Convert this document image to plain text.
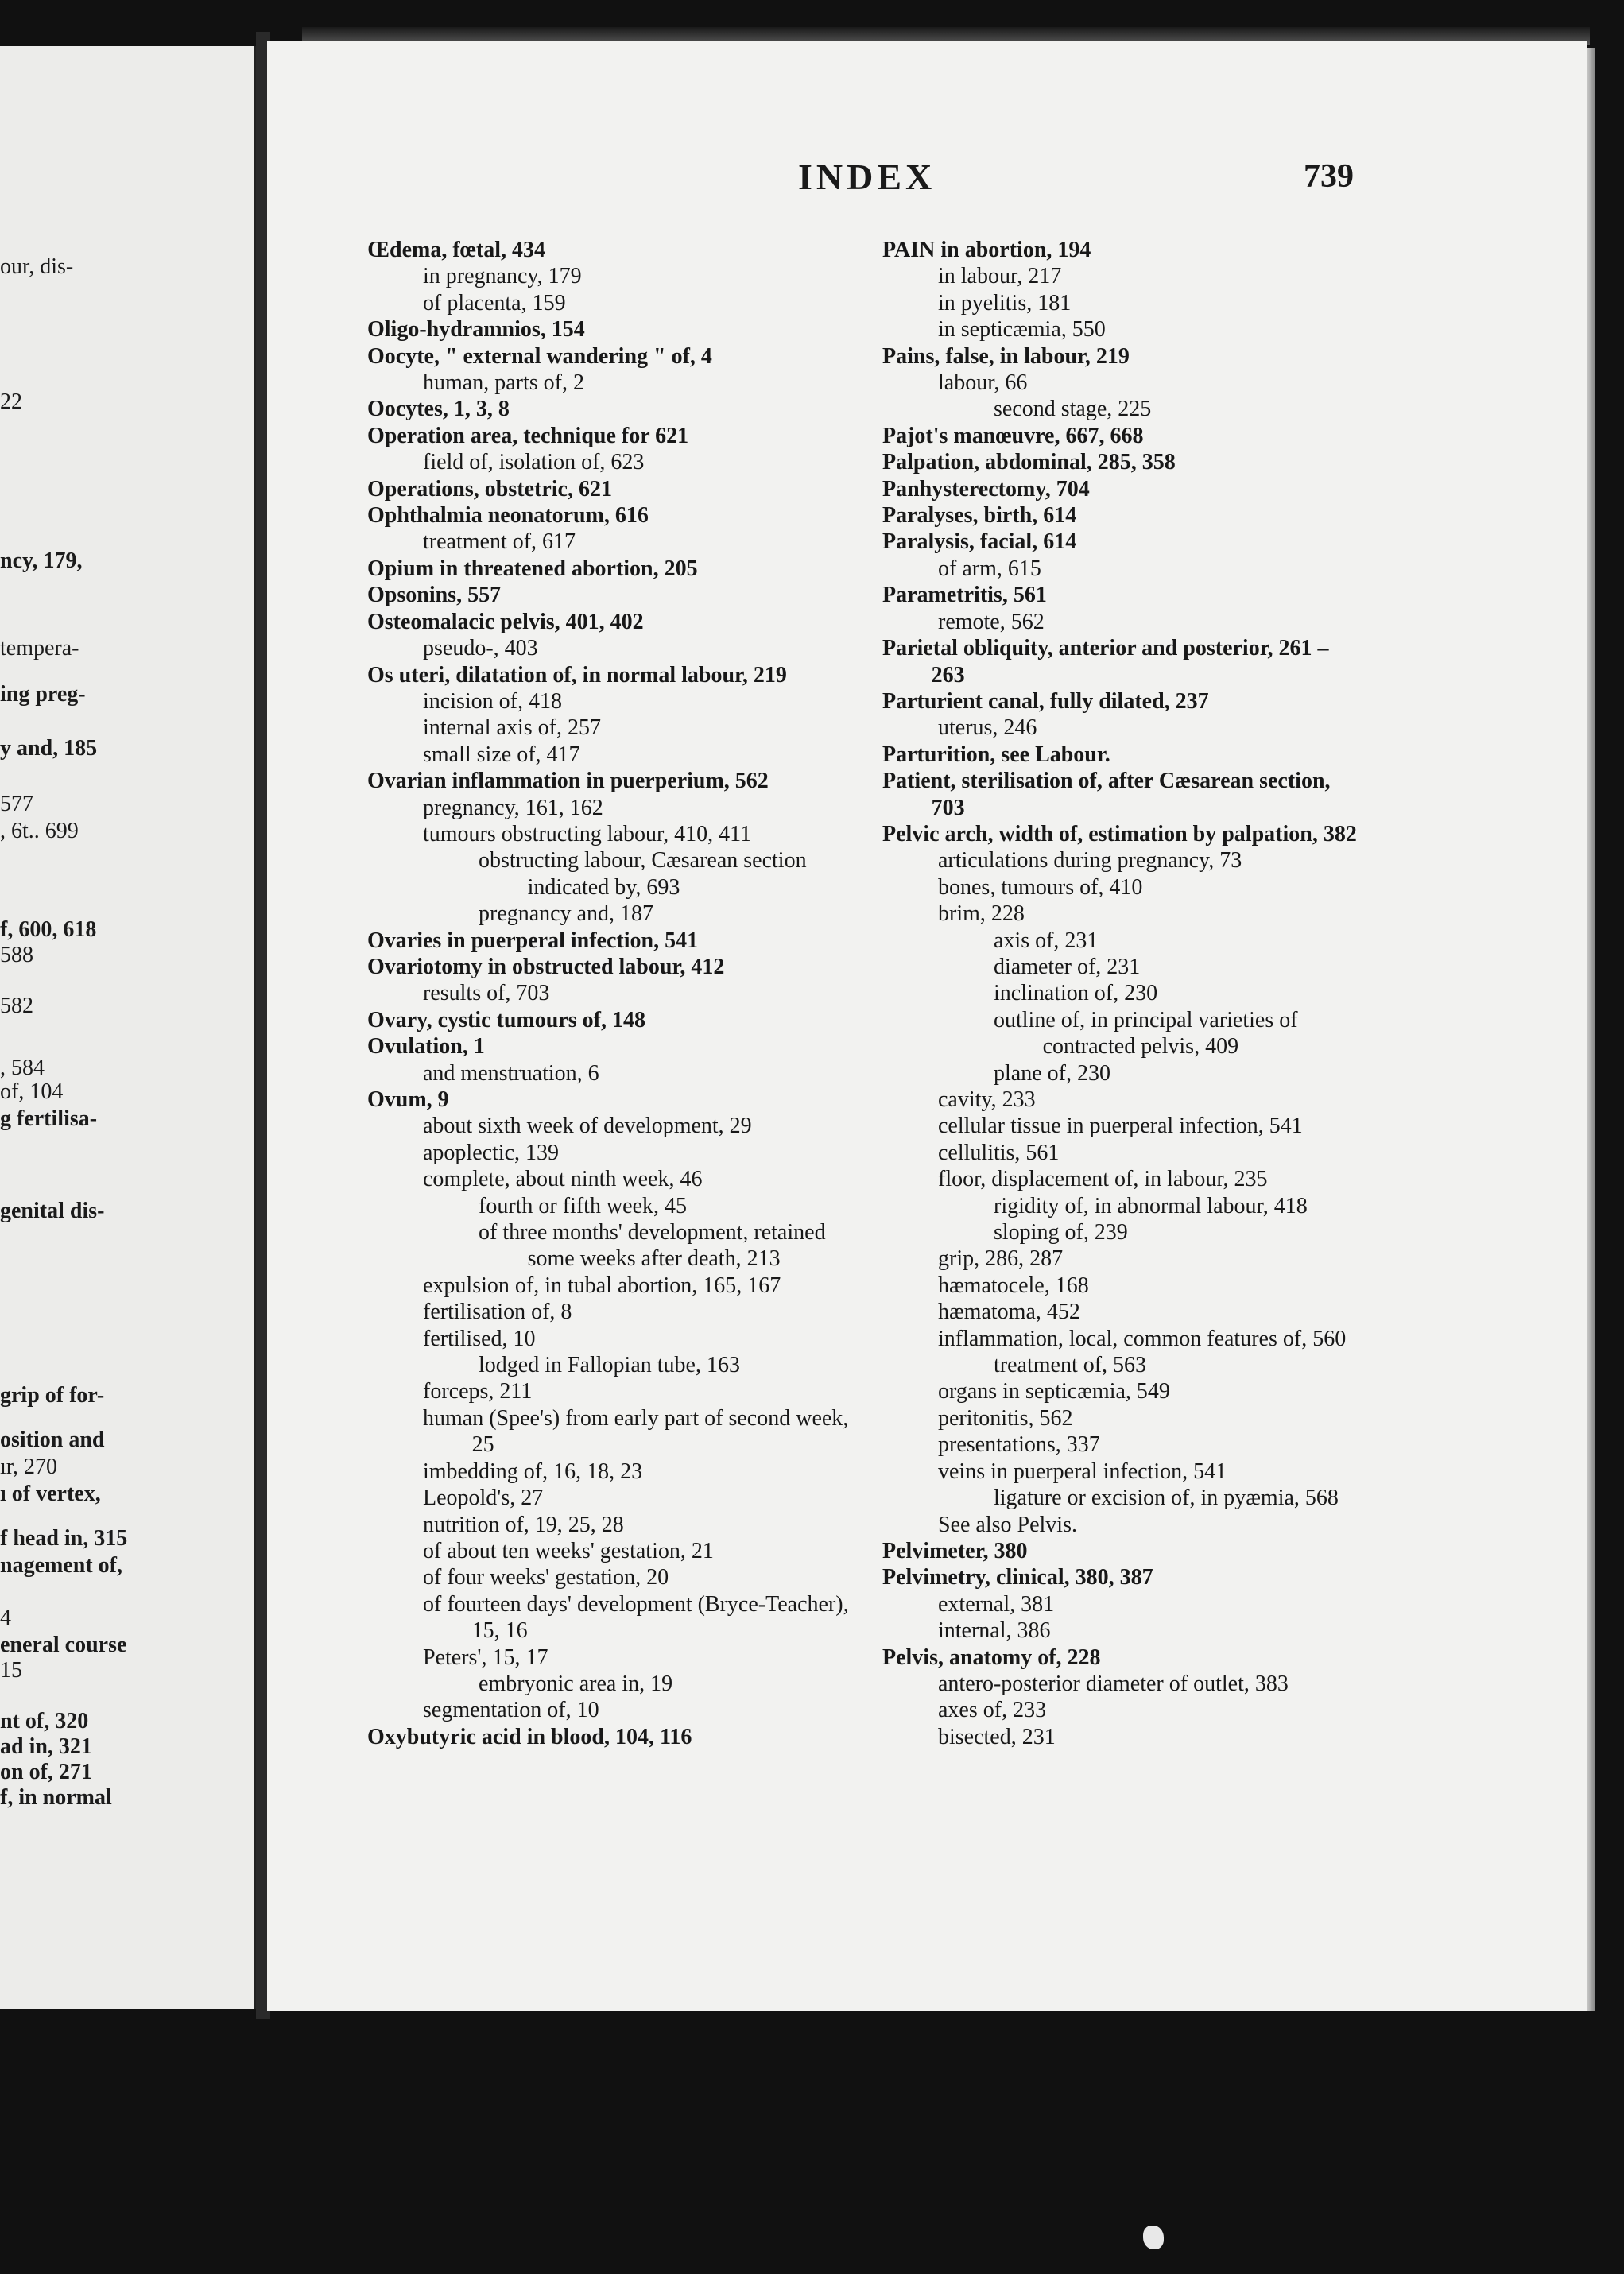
our, dis-
22
ncy, 179,
tempera-
ing preg-
y and, 185
577
, 6t.. 699
f, 600, 618
588
582
, 584
of, 104
g fertilisa-
genital dis-
grip of for-
osition and
ır, 270
ı of vertex,
f head in, 315
nagement of,
4
eneral course
15
nt of, 320
ad in, 321
on of, 271
f, in normal
INDEX	739
Œdema, fœtal, 434
in pregnancy, 179
of placenta, 159
Oligo-hydramnios, 154
Oocyte, " external wandering " of, 4
human, parts of, 2
Oocytes, 1, 3, 8
Operation area, technique for 621
field of, isolation of, 623
Operations, obstetric, 621
Ophthalmia neonatorum, 616
treatment of, 617
Opium in threatened abortion, 205
Opsonins, 557
Osteomalacic pelvis, 401, 402
pseudo-, 403
Os uteri, dilatation of, in normal labour, 219
incision of, 418
internal axis of, 257
small size of, 417
Ovarian inflammation in puerperium, 562
pregnancy, 161, 162
tumours obstructing labour, 410, 411
obstructing labour, Cæsarean section indicated by, 693
pregnancy and, 187
Ovaries in puerperal infection, 541
Ovariotomy in obstructed labour, 412
results of, 703
Ovary, cystic tumours of, 148
Ovulation, 1
and menstruation, 6
Ovum, 9
about sixth week of development, 29
apoplectic, 139
complete, about ninth week, 46
fourth or fifth week, 45
of three months' development, retained some weeks after death, 213
expulsion of, in tubal abortion, 165, 167
fertilisation of, 8
fertilised, 10
lodged in Fallopian tube, 163
forceps, 211
human (Spee's) from early part of second week, 25
imbedding of, 16, 18, 23
Leopold's, 27
nutrition of, 19, 25, 28
of about ten weeks' gestation, 21
of four weeks' gestation, 20
of fourteen days' development (Bryce-Teacher), 15, 16
Peters', 15, 17
embryonic area in, 19
segmentation of, 10
Oxybutyric acid in blood, 104, 116
PAIN in abortion, 194
in labour, 217
in pyelitis, 181
in septicæmia, 550
Pains, false, in labour, 219
labour, 66
second stage, 225
Pajot's manœuvre, 667, 668
Palpation, abdominal, 285, 358
Panhysterectomy, 704
Paralyses, birth, 614
Paralysis, facial, 614
of arm, 615
Parametritis, 561
remote, 562
Parietal obliquity, anterior and posterior, 261 – 263
Parturient canal, fully dilated, 237
uterus, 246
Parturition, see Labour.
Patient, sterilisation of, after Cæsarean section, 703
Pelvic arch, width of, estimation by palpation, 382
articulations during pregnancy, 73
bones, tumours of, 410
brim, 228
axis of, 231
diameter of, 231
inclination of, 230
outline of, in principal varieties of contracted pelvis, 409
plane of, 230
cavity, 233
cellular tissue in puerperal infection, 541
cellulitis, 561
floor, displacement of, in labour, 235
rigidity of, in abnormal labour, 418
sloping of, 239
grip, 286, 287
hæmatocele, 168
hæmatoma, 452
inflammation, local, common features of, 560
treatment of, 563
organs in septicæmia, 549
peritonitis, 562
presentations, 337
veins in puerperal infection, 541
ligature or excision of, in pyæmia, 568
See also Pelvis.
Pelvimeter, 380
Pelvimetry, clinical, 380, 387
external, 381
internal, 386
Pelvis, anatomy of, 228
antero-posterior diameter of outlet, 383
axes of, 233
bisected, 231
